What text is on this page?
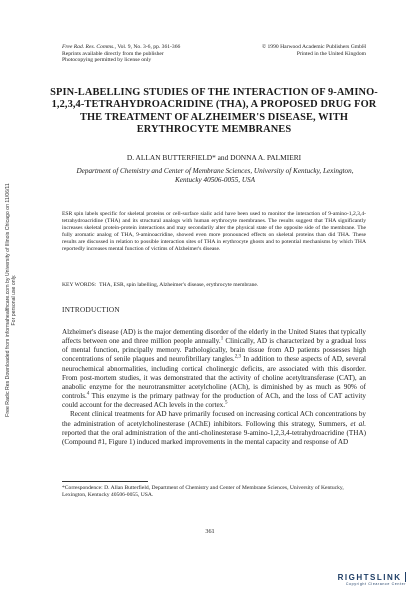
Free Radic Res Downloaded from informahealthcare.com by University of Illinois Chicago on 11/06/11 For personal use only.
Free Rad. Res. Comms., Vol. 9, No. 3-6, pp. 361-366
Reprints available directly from the publisher
Photocopying permitted by license only
© 1990 Harwood Academic Publishers GmbH
Printed in the United Kingdom
SPIN-LABELLING STUDIES OF THE INTERACTION OF 9-AMINO-1,2,3,4-TETRAHYDROACRIDINE (THA), A PROPOSED DRUG FOR THE TREATMENT OF ALZHEIMER'S DISEASE, WITH ERYTHROCYTE MEMBRANES
D. ALLAN BUTTERFIELD* and DONNA A. PALMIERI
Department of Chemistry and Center of Membrane Sciences, University of Kentucky, Lexington, Kentucky 40506-0055, USA
ESR spin labels specific for skeletal proteins or cell-surface sialic acid have been used to monitor the interaction of 9-amino-1,2,3,4-tetrahydroacridine (THA) and its structural analogs with human erythrocyte membranes. The results suggest that THA significantly increases skeletal protein-protein interactions and may secondarily alter the physical state of the opposite side of the membrane. The fully aromatic analog of THA, 9-aminoacridine, showed even more pronounced effects on skeletal proteins than did THA. These results are discussed in relation to possible interaction sites of THA in erythrocyte ghosts and to potential mechanisms by which THA reportedly increases mental function of victims of Alzheimer's disease.
KEY WORDS: THA, ESR, spin labelling, Alzheimer's disease, erythrocyte membrane.
INTRODUCTION

Alzheimer's disease (AD) is the major dementing disorder of the elderly in the United States that typically affects between one and three million people annually.$^1$ Clinically, AD is characterized by a gradual loss of mental function, principally memory. Pathologically, brain tissue from AD patients possesses high concentrations of senile plaques and neurofibrillary tangles.$^{2,3}$ In addition to these aspects of AD, several neurochemical abnormalities, including cortical cholinergic deficits, are associated with this disorder. From post-mortem studies, it was demonstrated that the activity of choline acetyltransferase (CAT), an anabolic enzyme for the neurotransmitter acetylcholine (ACh), is diminished by as much as 90% of controls.$^4$ This enzyme is the primary pathway for the production of ACh, and the loss of CAT activity could account for the decreased ACh levels in the cortex.$^5$

Recent clinical treatments for AD have primarily focused on increasing cortical ACh concentrations by the administration of acetylcholinesterase (AChE) inhibitors. Following this strategy, Summers, et al. reported that the oral administration of the anti-cholinesterase 9-amino-1,2,3,4-tetrahydroacridine (THA) (Compound #1, Figure 1) induced marked improvements in the mental capacity and response of AD

*Correspondence: D. Allan Butterfield, Department of Chemistry and Center of Membrane Sciences, University of Kentucky, Lexington, Kentucky 40506-0055, USA.
361
RIGHTSLINK
Copyright Clearance Center
